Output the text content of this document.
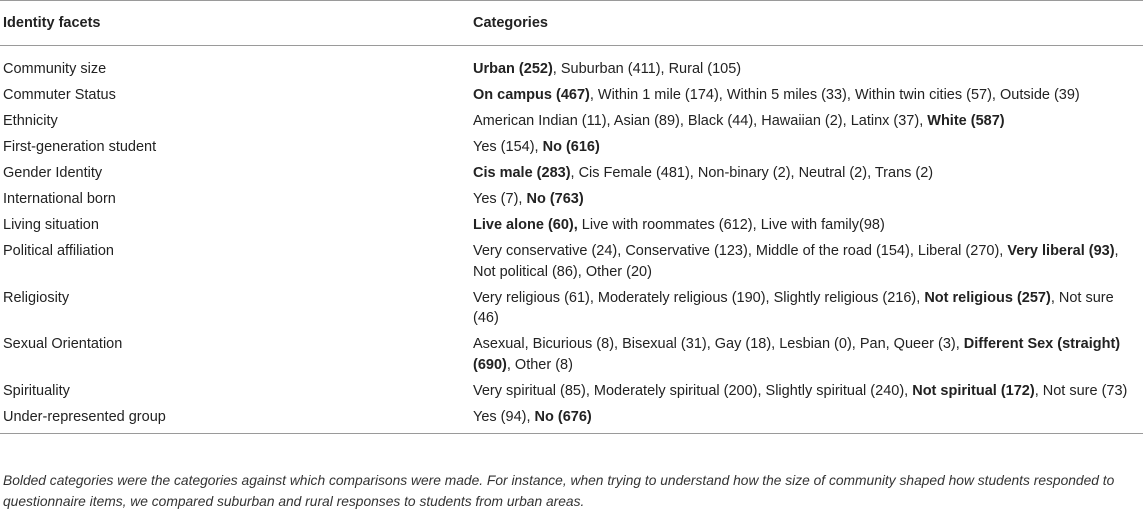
Identity facets	Categories

Community size	Urban (252), Suburban (411), Rural (105)
Commuter Status	On campus (467), Within 1 mile (174), Within 5 miles (33), Within twin cities (57), Outside (39)
Ethnicity	American Indian (11), Asian (89), Black (44), Hawaiian (2), Latinx (37), White (587)
First-generation student	Yes (154), No (616)
Gender Identity	Cis male (283), Cis Female (481), Non-binary (2), Neutral (2), Trans (2)
International born	Yes (7), No (763)
Living situation	Live alone (60), Live with roommates (612), Live with family(98)
Political affiliation	Very conservative (24), Conservative (123), Middle of the road (154), Liberal (270), Very liberal (93), Not political (86), Other (20)
Religiosity	Very religious (61), Moderately religious (190), Slightly religious (216), Not religious (257), Not sure (46)
Sexual Orientation	Asexual, Bicurious (8), Bisexual (31), Gay (18), Lesbian (0), Pan, Queer (3), Different Sex (straight) (690), Other (8)
Spirituality	Very spiritual (85), Moderately spiritual (200), Slightly spiritual (240), Not spiritual (172), Not sure (73)
Under-represented group	Yes (94), No (676)
Bolded categories were the categories against which comparisons were made. For instance, when trying to understand how the size of community shaped how students responded to questionnaire items, we compared suburban and rural responses to students from urban areas.
